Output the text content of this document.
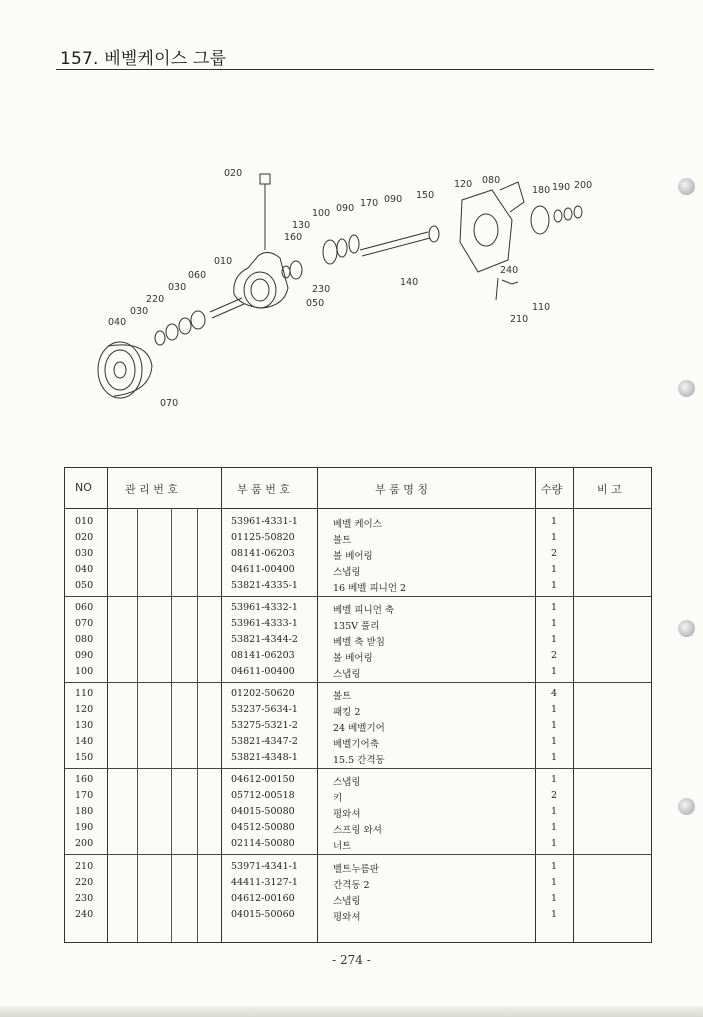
157. 베벨케이스 그룹
020
010
060
030
220
030
040
130
160
100 090 170 090 150
120 080
180 190 200
140
230
050
240
110
210
070
NO	관 리 번 호	부 품 번 호	부 품 명 칭	수량	비 고
010	53961-4331-1	베벨 케이스	1
020	01125-50820	볼트	1
030	08141-06203	볼 베어링	2
040	04611-00400	스냅링	1
050	53821-4335-1	16 베벨 피니언 2	1
060	53961-4332-1	베벨 피니언 축	1
070	53961-4333-1	135V 풀리	1
080	53821-4344-2	베벨 축 받침	1
090	08141-06203	볼 베어링	2
100	04611-00400	스냅링	1
110	01202-50620	볼트	4
120	53237-5634-1	패킹 2	1
130	53275-5321-2	24 베벨기어	1
140	53821-4347-2	베벨기어축	1
150	53821-4348-1	15.5 간격동	1
160	04612-00150	스냅링	1
170	05712-00518	키	2
180	04015-50080	평와셔	1
190	04512-50080	스프링 와셔	1
200	02114-50080	너트	1
210	53971-4341-1	벨트누름판	1
220	44411-3127-1	간격동 2	1
230	04612-00160	스냅링	1
240	04015-50060	평와셔	1
- 274 -
